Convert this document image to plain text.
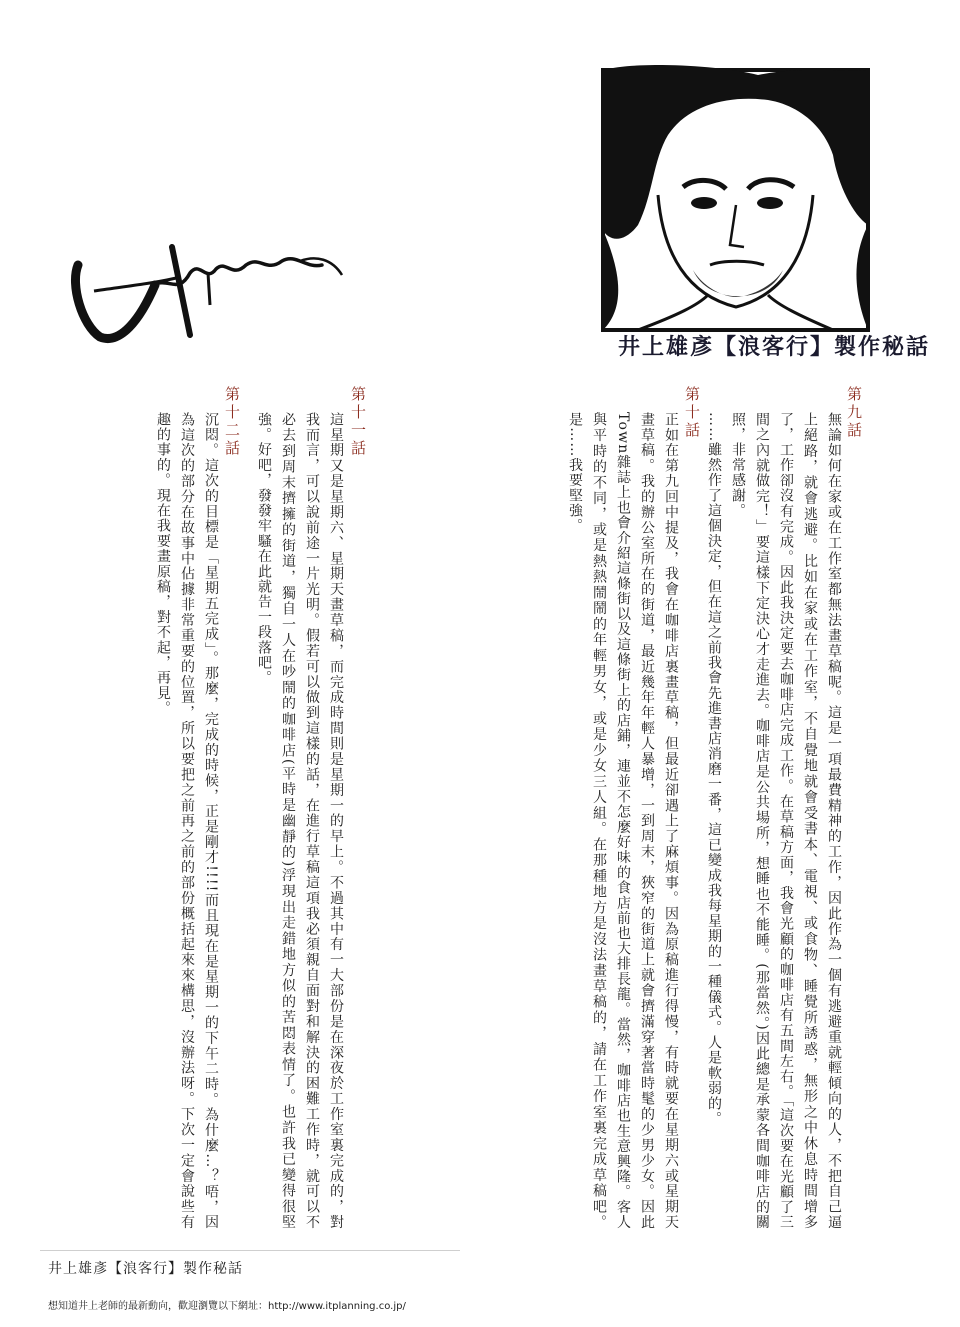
井上雄彥【浪客行】製作秘話
第九話
無論如何在家或在工作室都無法畫草稿呢。這是一項最費精神的工作，因此作為一個有逃避重就輕傾向的人，不把自己逼上絕路，就會逃避。比如在家或在工作室，不自覺地就會受書本、電視、或食物、睡覺所誘惑，無形之中休息時間增多了，工作卻沒有完成。因此我決定要去咖啡店完成工作。在草稿方面，我會光顧的咖啡店有五間左右。「這次要在光顧了三間之內就做完！」要這樣下定決心才走進去。咖啡店是公共場所，想睡也不能睡。(那當然。)因此總是承蒙各間咖啡店的關照，非常感謝。
……雖然作了這個決定，但在這之前我會先進書店消磨一番，這已變成我每星期的一種儀式。人是軟弱的。
第十話
正如在第九回中提及，我會在咖啡店裏畫草稿，但最近卻遇上了麻煩事。因為原稿進行得慢，有時就要在星期六或星期天畫草稿。我的辦公室所在的街道，最近幾年年輕人暴增，一到周末，狹窄的街道上就會擠滿穿著當時髦的少男少女。因此Town雜誌上也會介紹這條街以及這條街上的店鋪，連並不怎麼好味的食店前也大排長龍。當然，咖啡店也生意興隆。客人與平時的不同，或是熱熱鬧鬧的年輕男女，或是少女三人組。在那種地方是沒法畫草稿的，請在工作室裏完成草稿吧。是……我要堅強。
第十一話
這星期又是星期六、星期天畫草稿，而完成時間則是星期一的早上。不過其中有一大部份是在深夜於工作室裏完成的，對我而言，可以說前途一片光明。假若可以做到這樣的話，在進行草稿這項我必須親自面對和解決的困難工作時，就可以不必去到周末擠擁的街道，獨自一人在吵鬧的咖啡店(平時是幽靜的)浮現出走錯地方似的苦悶表情了。也許我已變得很堅強。好吧，發發牢騷在此就告一段落吧。
第十二話
沉悶。這次的目標是「星期五完成」。那麼，完成的時候，正是剛才!!!!而且現在是星期一的下午二時。為什麼…？唔，因為這次的部分在故事中佔據非常重要的位置，所以要把之前再之前的部份概括起來來構思，沒辦法呀。下次一定會說些有趣的事的。現在我要畫原稿，對不起，再見。
井上雄彥【浪客行】製作秘話
想知道井上老師的最新動向，歡迎瀏覽以下網址：http://www.itplanning.co.jp/
